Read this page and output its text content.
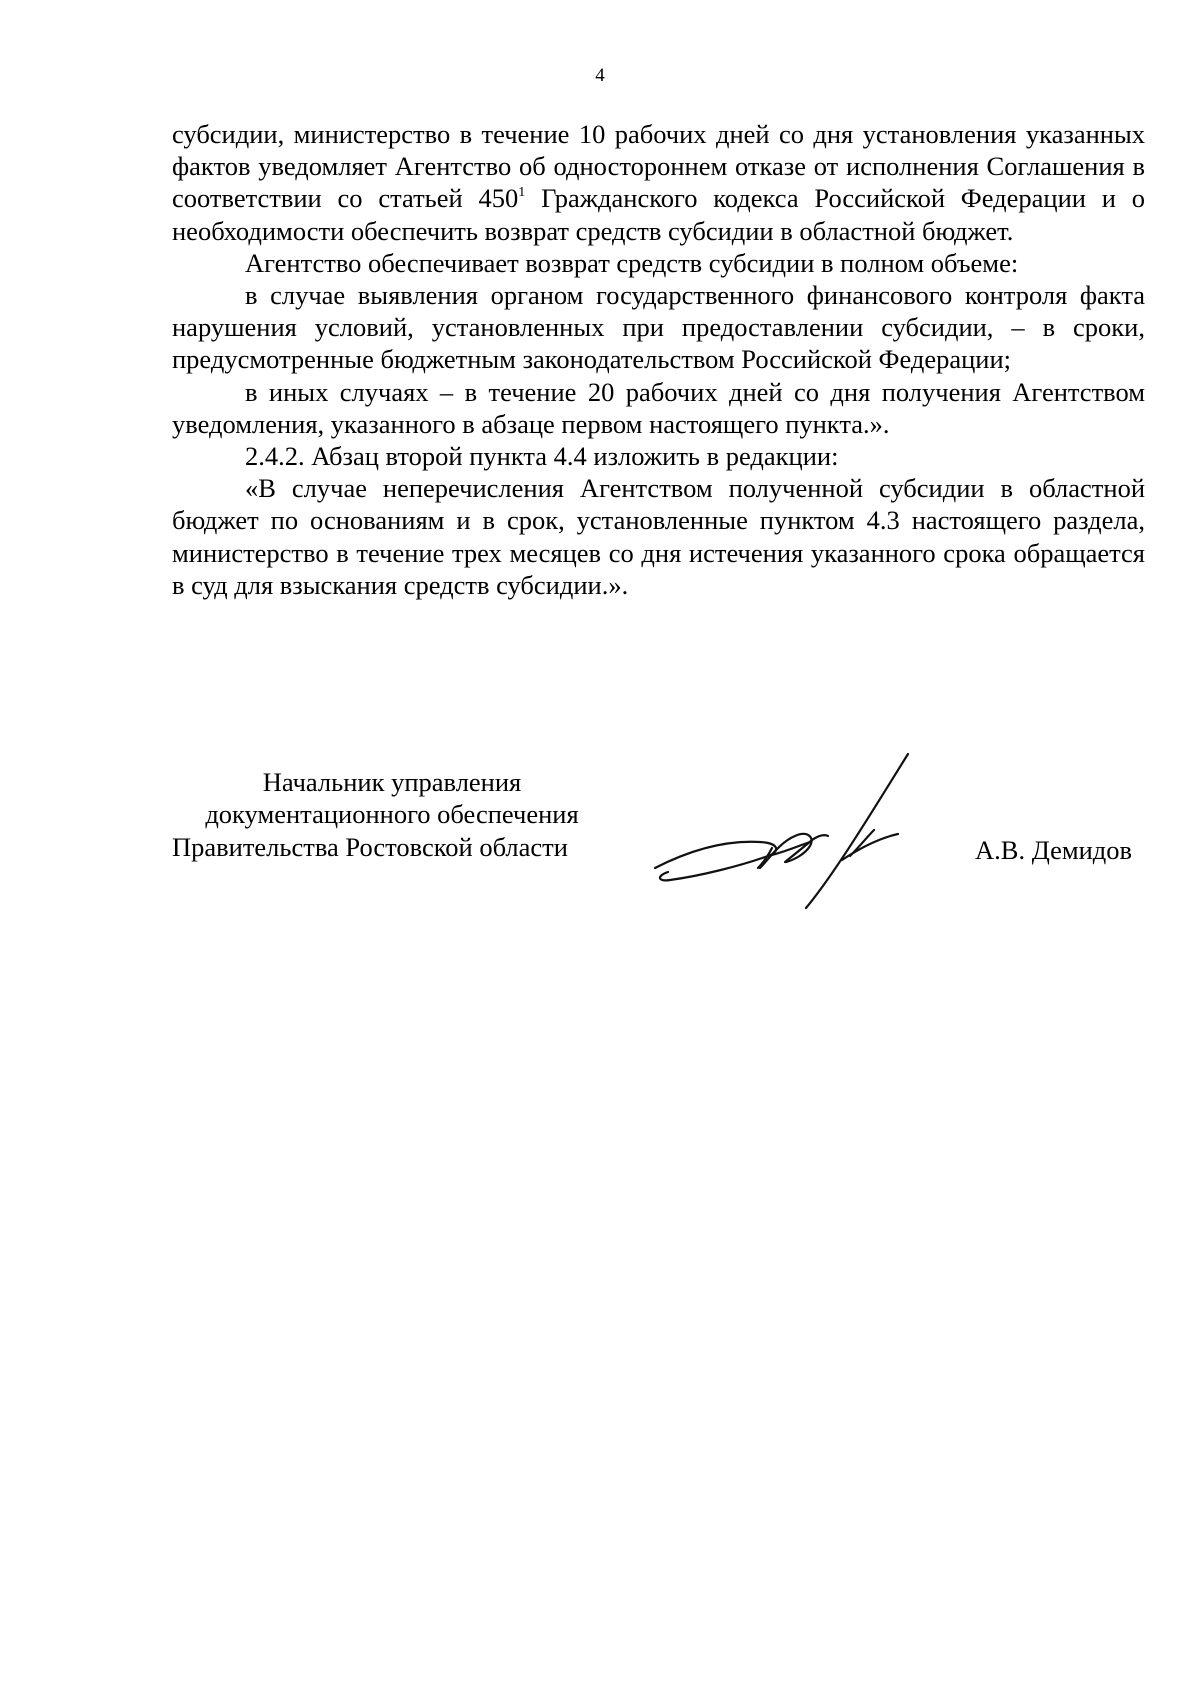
4

субсидии, министерство в течение 10 рабочих дней со дня установления указанных фактов уведомляет Агентство об одностороннем отказе от исполнения Соглашения в соответствии со статьей $450^1$ Гражданского кодекса Российской Федерации и о необходимости обеспечить возврат средств субсидии в областной бюджет.

Агентство обеспечивает возврат средств субсидии в полном объеме:

в случае выявления органом государственного финансового контроля факта нарушения условий, установленных при предоставлении субсидии, – в сроки, предусмотренные бюджетным законодательством Российской Федерации;

в иных случаях – в течение 20 рабочих дней со дня получения Агентством уведомления, указанного в абзаце первом настоящего пункта.».

2.4.2. Абзац второй пункта 4.4 изложить в редакции:

«В случае неперечисления Агентством полученной субсидии в областной бюджет по основаниям и в срок, установленные пунктом 4.3 настоящего раздела, министерство в течение трех месяцев со дня истечения указанного срока обращается в суд для взыскания средств субсидии.».

Начальник управления
документационного обеспечения
Правительства Ростовской области	А.В. Демидов
